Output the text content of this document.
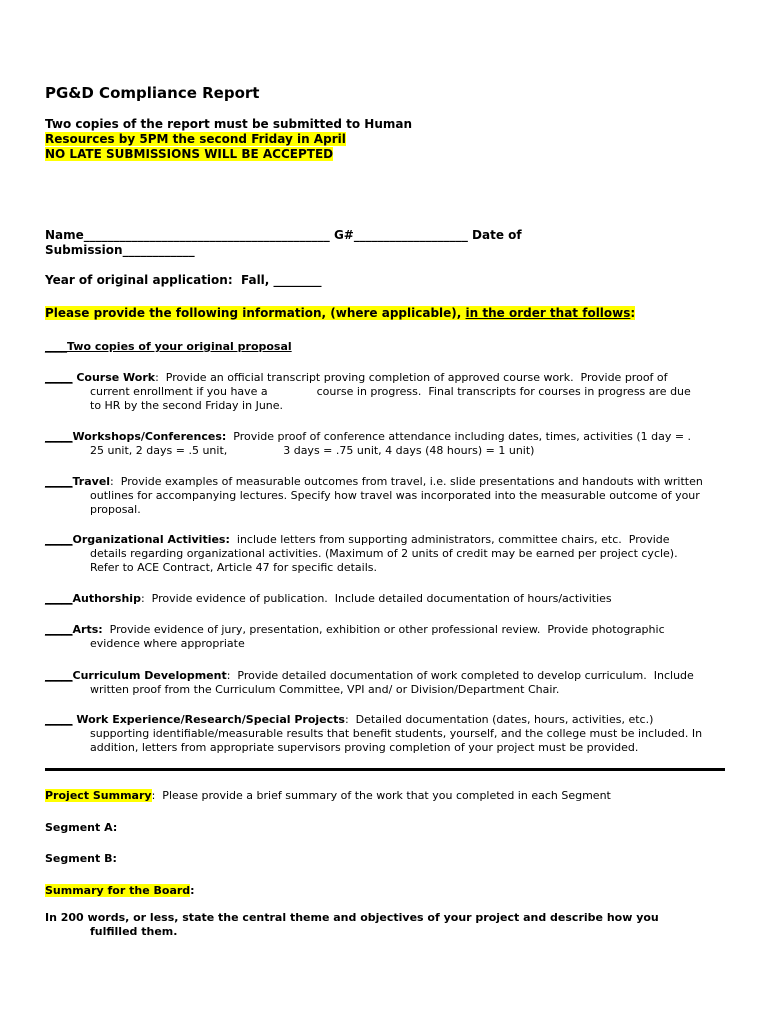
PG&D Compliance Report
Two copies of the report must be submitted to Human
Resources by 5PM the second Friday in April
NO LATE SUBMISSIONS WILL BE ACCEPTED
Name_________________________________________ G#___________________ Date of
Submission____________
Year of original application:  Fall, ________
Please provide the following information, (where applicable), in the order that follows:
____Two copies of your original proposal
_____ Course Work:  Provide an official transcript proving completion of approved course work.  Provide proof of
current enrollment if you have a              course in progress.  Final transcripts for courses in progress are due
to HR by the second Friday in June.
_____Workshops/Conferences:  Provide proof of conference attendance including dates, times, activities (1 day = .
25 unit, 2 days = .5 unit,                3 days = .75 unit, 4 days (48 hours) = 1 unit)
_____Travel:  Provide examples of measurable outcomes from travel, i.e. slide presentations and handouts with written
outlines for accompanying lectures. Specify how travel was incorporated into the measurable outcome of your
proposal.
_____Organizational Activities:  include letters from supporting administrators, committee chairs, etc.  Provide
details regarding organizational activities. (Maximum of 2 units of credit may be earned per project cycle).
Refer to ACE Contract, Article 47 for specific details.
_____Authorship:  Provide evidence of publication.  Include detailed documentation of hours/activities
_____Arts:  Provide evidence of jury, presentation, exhibition or other professional review.  Provide photographic
evidence where appropriate
_____Curriculum Development:  Provide detailed documentation of work completed to develop curriculum.  Include
written proof from the Curriculum Committee, VPI and/ or Division/Department Chair.
_____ Work Experience/Research/Special Projects:  Detailed documentation (dates, hours, activities, etc.)
supporting identifiable/measurable results that benefit students, yourself, and the college must be included. In
addition, letters from appropriate supervisors proving completion of your project must be provided.
Project Summary:  Please provide a brief summary of the work that you completed in each Segment
Segment A:
Segment B:
Summary for the Board:
In 200 words, or less, state the central theme and objectives of your project and describe how you
fulfilled them.
